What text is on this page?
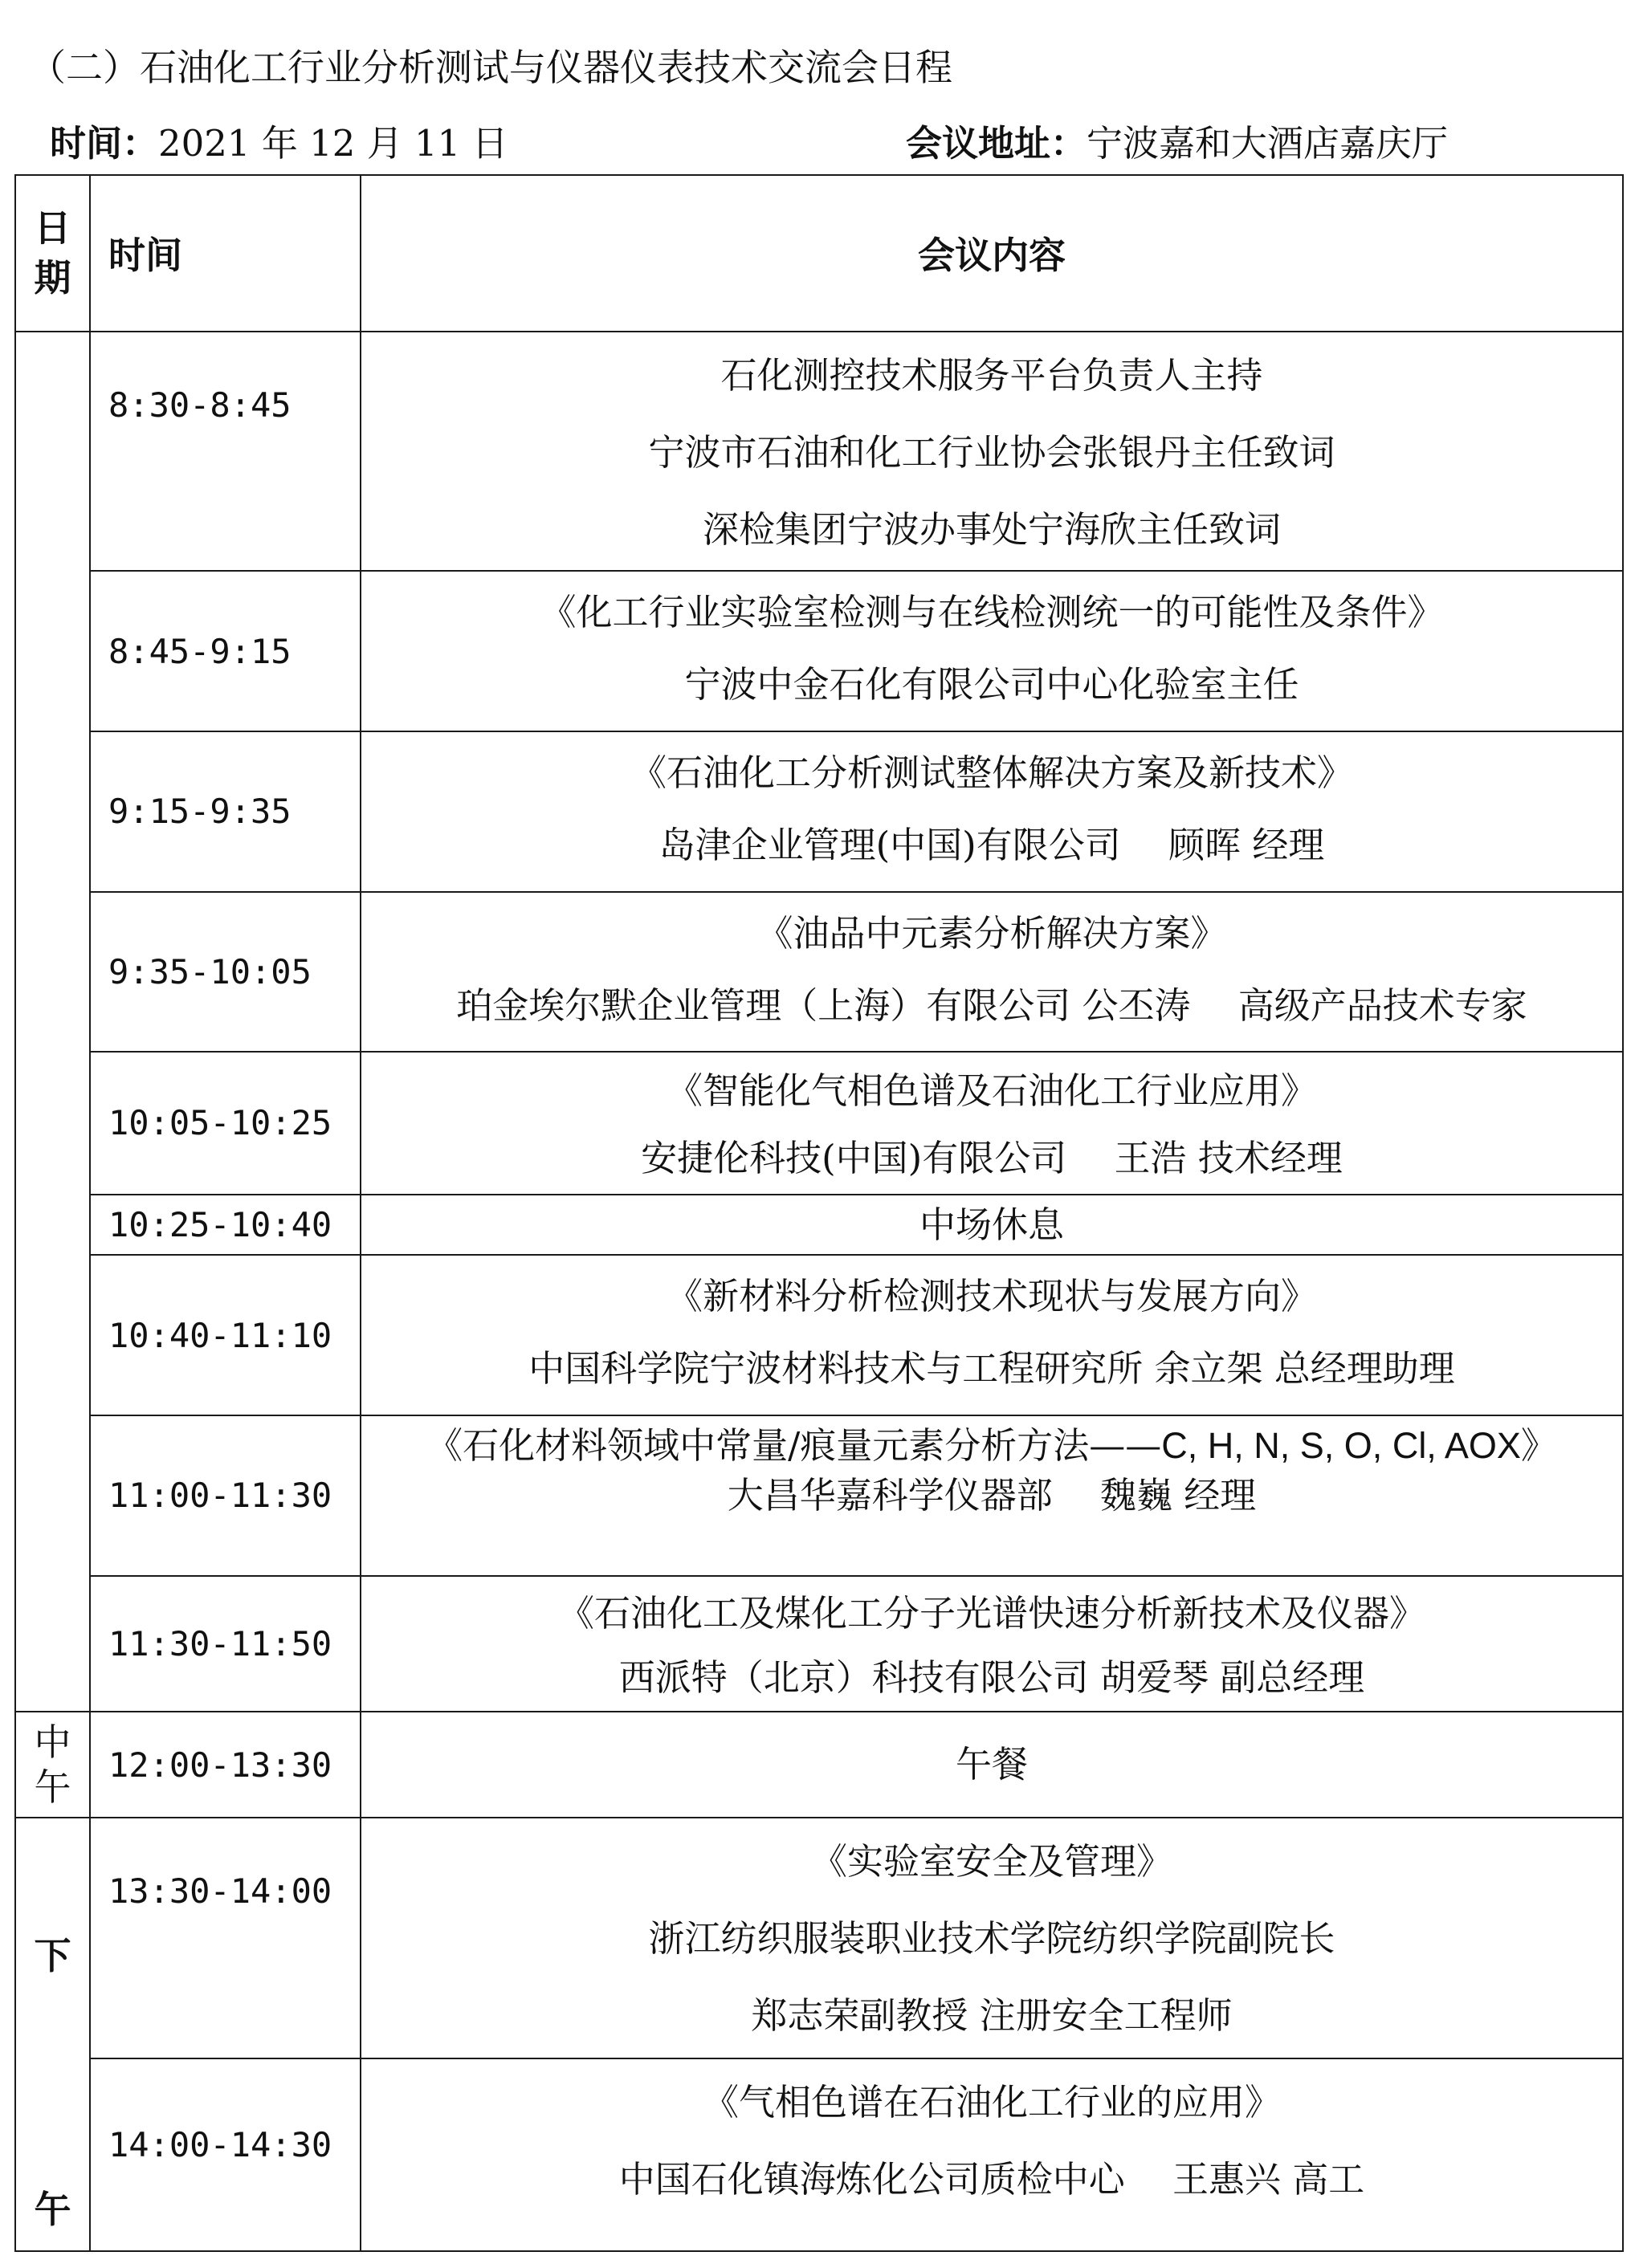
（二）石油化工行业分析测试与仪器仪表技术交流会日程
时间：2021 年 12 月 11 日	会议地址：宁波嘉和大酒店嘉庆厅
日
期	时间	会议内容
	8:30-8:45	石化测控技术服务平台负责人主持
宁波市石油和化工行业协会张银丹主任致词
深检集团宁波办事处宁海欣主任致词

	8:45-9:15	《化工行业实验室检测与在线检测统一的可能性及条件》
宁波中金石化有限公司中心化验室主任

	9:15-9:35	《石油化工分析测试整体解决方案及新技术》
岛津企业管理(中国)有限公司　 顾晖 经理

	9:35-10:05	《油品中元素分析解决方案》
珀金埃尔默企业管理（上海）有限公司 公丕涛　 高级产品技术专家

	10:05-10:25	《智能化气相色谱及石油化工行业应用》
安捷伦科技(中国)有限公司　 王浩 技术经理

	10:25-10:40	中场休息

	10:40-11:10	《新材料分析检测技术现状与发展方向》
中国科学院宁波材料技术与工程研究所 余立架 总经理助理

	11:00-11:30	《石化材料领域中常量/痕量元素分析方法——C, H, N, S, O, Cl, AOX》
大昌华嘉科学仪器部　 魏巍 经理

	11:30-11:50	《石油化工及煤化工分子光谱快速分析新技术及仪器》
西派特（北京）科技有限公司 胡爱琴 副总经理

中
午	12:00-13:30	午餐

下
午	13:30-14:00	《实验室安全及管理》
浙江纺织服装职业技术学院纺织学院副院长
郑志荣副教授 注册安全工程师

	14:00-14:30	《气相色谱在石油化工行业的应用》
中国石化镇海炼化公司质检中心　 王惠兴 高工
